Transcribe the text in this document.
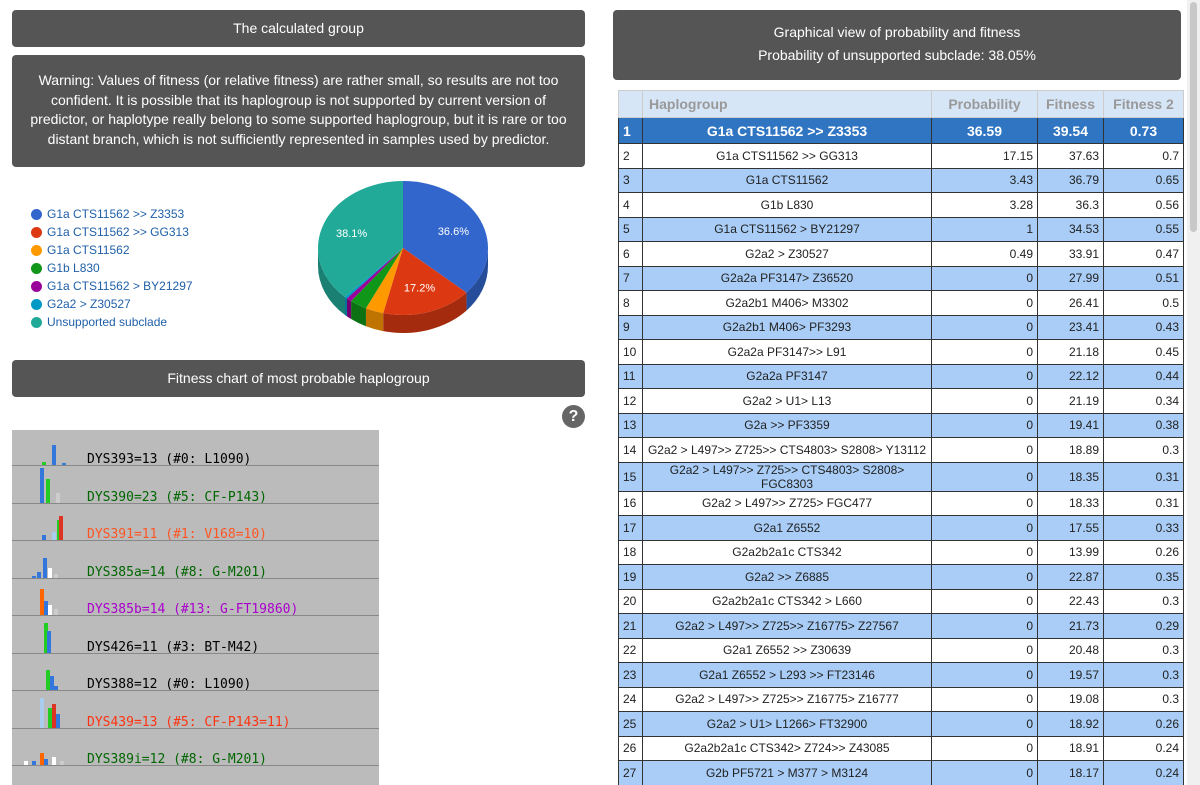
The calculated group
Warning: Values of fitness (or relative fitness) are rather small, so results are not too confident. It is possible that its haplogroup is not supported by current version of predictor, or haplotype really belong to some supported haplogroup, but it is rare or too distant branch, which is not sufficiently represented in samples used by predictor.
G1a CTS11562 >> Z3353
G1a CTS11562 >> GG313
G1a CTS11562
G1b L830
G1a CTS11562 > BY21297
G2a2 > Z30527
Unsupported subclade
36.6%
17.2%
38.1%
Fitness chart of most probable haplogroup
?
DYS393=13 (#0: L1090)
DYS390=23 (#5: CF-P143)
DYS391=11 (#1: V168=10)
DYS385a=14 (#8: G-M201)
DYS385b=14 (#13: G-FT19860)
DYS426=11 (#3: BT-M42)
DYS388=12 (#0: L1090)
DYS439=13 (#5: CF-P143=11)
DYS389i=12 (#8: G-M201)
Graphical view of probability and fitness
Probability of unsupported subclade: 38.05%
	Haplogroup	Probability	Fitness	Fitness 2
1	G1a CTS11562 >> Z3353	36.59	39.54	0.73
2	G1a CTS11562 >> GG313	17.15	37.63	0.7
3	G1a CTS11562	3.43	36.79	0.65
4	G1b L830	3.28	36.3	0.56
5	G1a CTS11562 > BY21297	1	34.53	0.55
6	G2a2 > Z30527	0.49	33.91	0.47
7	G2a2a PF3147> Z36520	0	27.99	0.51
8	G2a2b1 M406> M3302	0	26.41	0.5
9	G2a2b1 M406> PF3293	0	23.41	0.43
10	G2a2a PF3147>> L91	0	21.18	0.45
11	G2a2a PF3147	0	22.12	0.44
12	G2a2 > U1> L13	0	21.19	0.34
13	G2a >> PF3359	0	19.41	0.38
14	G2a2 > L497>> Z725>> CTS4803> S2808> Y13112	0	18.89	0.3
15	G2a2 > L497>> Z725>> CTS4803> S2808> FGC8303	0	18.35	0.31
16	G2a2 > L497>> Z725> FGC477	0	18.33	0.31
17	G2a1 Z6552	0	17.55	0.33
18	G2a2b2a1c CTS342	0	13.99	0.26
19	G2a2 >> Z6885	0	22.87	0.35
20	G2a2b2a1c CTS342 > L660	0	22.43	0.3
21	G2a2 > L497>> Z725>> Z16775> Z27567	0	21.73	0.29
22	G2a1 Z6552 >> Z30639	0	20.48	0.3
23	G2a1 Z6552 > L293 >> FT23146	0	19.57	0.3
24	G2a2 > L497>> Z725>> Z16775> Z16777	0	19.08	0.3
25	G2a2 > U1> L1266> FT32900	0	18.92	0.26
26	G2a2b2a1c CTS342> Z724>> Z43085	0	18.91	0.24
27	G2b PF5721 > M377 > M3124	0	18.17	0.24
